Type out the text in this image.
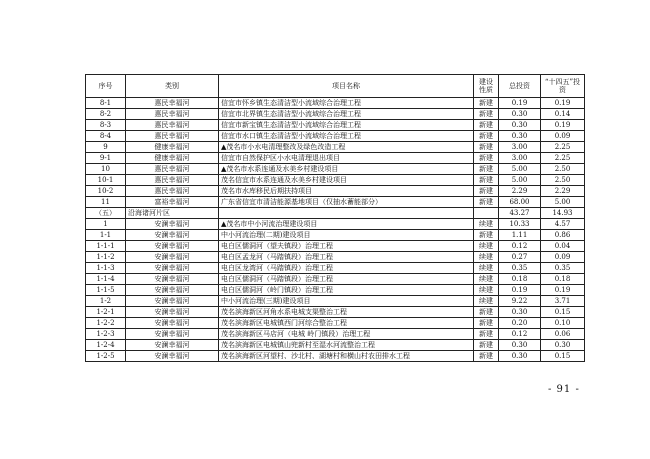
序号	类别	项目名称	建设性质	总投资	“十四五”投资
8-1	惠民幸福河	信宜市怀乡镇生态清洁型小流域综合治理工程	新建	0.19	0.19
8-2	惠民幸福河	信宜市北界镇生态清洁型小流域综合治理工程	新建	0.30	0.14
8-3	惠民幸福河	信宜市新宝镇生态清洁型小流域综合治理工程	新建	0.30	0.19
8-4	惠民幸福河	信宜市水口镇生态清洁型小流域综合治理工程	新建	0.30	0.09
9	健康幸福河	▲茂名市小水电清理整改及绿色改造工程	新建	3.00	2.25
9-1	健康幸福河	信宜市自然保护区小水电清理退出项目	新建	3.00	2.25
10	惠民幸福河	▲茂名市水系连通及水美乡村建设项目	新建	5.00	2.50
10-1	惠民幸福河	茂名信宜市水系连通及水美乡村建设项目	新建	5.00	2.50
10-2	惠民幸福河	茂名市水库移民后期扶持项目	新建	2.29	2.29
11	富裕幸福河	广东省信宜市清洁能源基地项目（仅抽水蓄能部分）	新建	68.00	5.00
（五）	沿海诸河片区			43.27	14.93
1	安澜幸福河	▲茂名市中小河流治理建设项目	续建	10.33	4.57
1-1	安澜幸福河	中小河流治理(二期)建设项目	新建	1.11	0.86
1-1-1	安澜幸福河	电白区儒洞河（望夫镇段）治理工程	续建	0.12	0.04
1-1-2	安澜幸福河	电白区孟龙河（马踏镇段）治理工程	续建	0.27	0.09
1-1-3	安澜幸福河	电白区龙湾河（马踏镇段）治理工程	续建	0.35	0.35
1-1-4	安澜幸福河	电白区儒洞河（马踏镇段）治理工程	续建	0.18	0.18
1-1-5	安澜幸福河	电白区儒洞河（岭门镇段）治理工程	续建	0.19	0.19
1-2	安澜幸福河	中小河流治理(三期)建设项目	续建	9.22	3.71
1-2-1	安澜幸福河	茂名滨海新区河角水系电城支渠整治工程	新建	0.30	0.15
1-2-2	安澜幸福河	茂名滨海新区电城镇西门河综合整治工程	新建	0.20	0.10
1-2-3	安澜幸福河	茂名滨海新区马店河（电城 岭门镇段）治理工程	新建	0.12	0.06
1-2-4	安澜幸福河	茂名滨海新区电城镇山兜新村至湿水河流整治工程	新建	0.30	0.30
1-2-5	安澜幸福河	茂名滨海新区河望村、沙北村、湖塘村和横山村农田排水工程	新建	0.30	0.15
- 91 -
